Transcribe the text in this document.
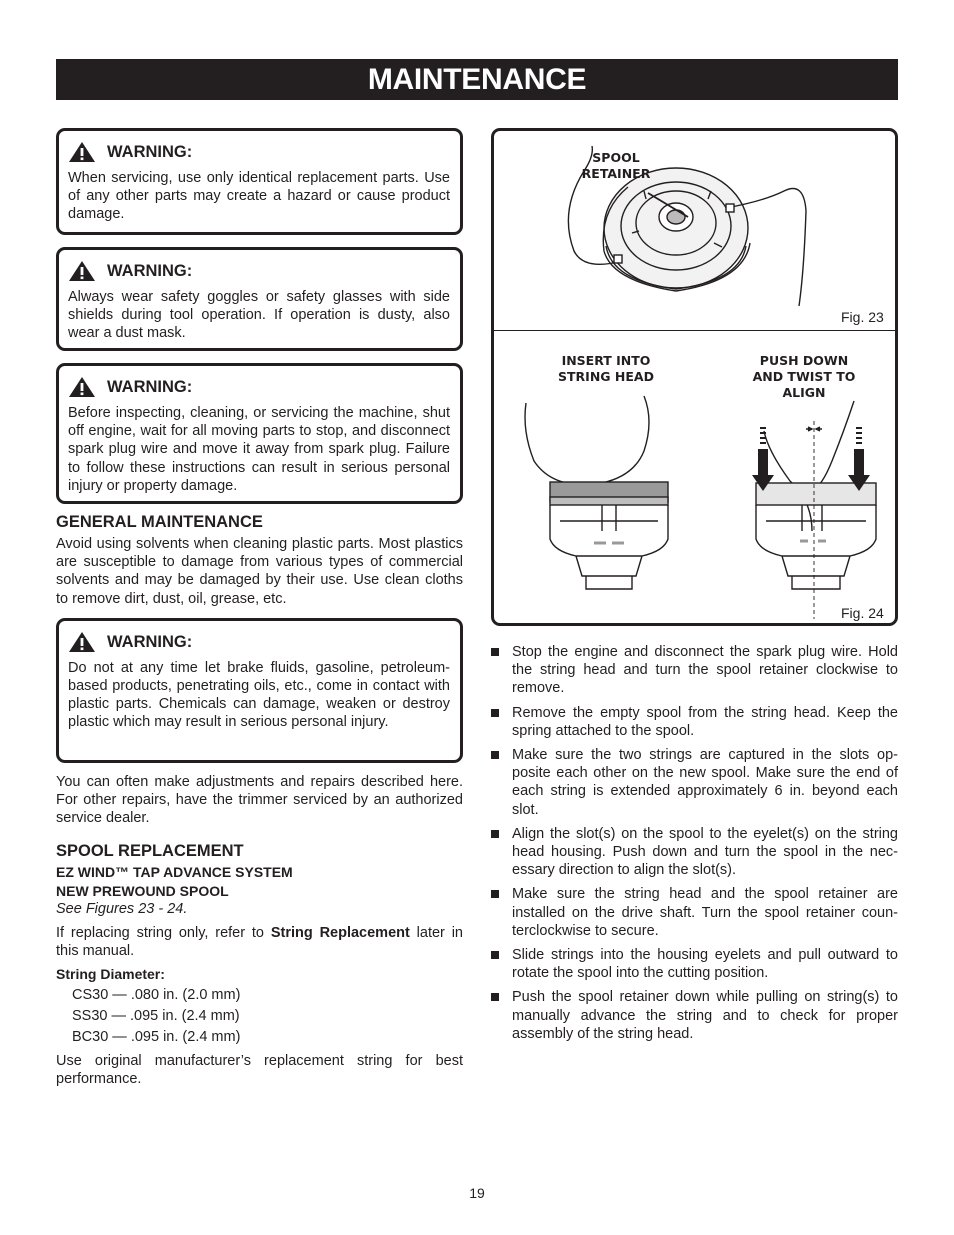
MAINTENANCE
WARNING:

When servicing, use only identical replacement parts. Use of any other parts may create a hazard or cause product damage.

WARNING:

Always wear safety goggles or safety glasses with side shields during tool operation. If operation is dusty, also wear a dust mask.

WARNING:

Before inspecting, cleaning, or servicing the machine, shut off engine, wait for all moving parts to stop, and disconnect spark plug wire and move it away from spark plug. Failure to follow these instructions can result in serious personal injury or property damage.

GENERAL MAINTENANCE

Avoid using solvents when cleaning plastic parts. Most plastics are susceptible to damage from various types of commercial solvents and may be damaged by their use. Use clean cloths to remove dirt, dust, oil, grease, etc.

WARNING:

Do not at any time let brake fluids, gasoline, petroleum-based products, penetrating oils, etc., come in contact with plastic parts. Chemicals can damage, weaken or destroy plastic which may result in serious personal injury.

You can often make adjustments and repairs described here. For other repairs, have the trimmer serviced by an authorized service dealer.

SPOOL REPLACEMENT

EZ WIND™ TAP ADVANCE SYSTEM

NEW PREWOUND SPOOL

See Figures 23 - 24.

If replacing string only, refer to String Replacement later in this manual.

String Diameter:

CS30 — .080 in. (2.0 mm)

SS30 — .095 in. (2.4 mm)

BC30 — .095 in. (2.4 mm)

Use original manufacturer’s replacement string for best performance.

SPOOL
RETAINER
Fig. 23
INSERT INTO
STRING HEAD
PUSH DOWN
AND TWIST TO
ALIGN
Fig. 24
Stop the engine and disconnect the spark plug wire. Hold the string head and turn the spool retainer clockwise to remove.
Remove the empty spool from the string head. Keep the spring attached to the spool.
Make sure the two strings are captured in the slots op-posite each other on the new spool. Make sure the end of each string is extended approximately 6 in. beyond each slot.
Align the slot(s) on the spool to the eyelet(s) on the string head housing. Push down and turn the spool in the nec-essary direction to align the slot(s).
Make sure the string head and the spool retainer are installed on the drive shaft. Turn the spool retainer coun-terclockwise to secure.
Slide strings into the housing eyelets and pull outward to rotate the spool into the cutting position.
Push the spool retainer down while pulling on string(s) to manually advance the string and to check for proper assembly of the string head.
19
